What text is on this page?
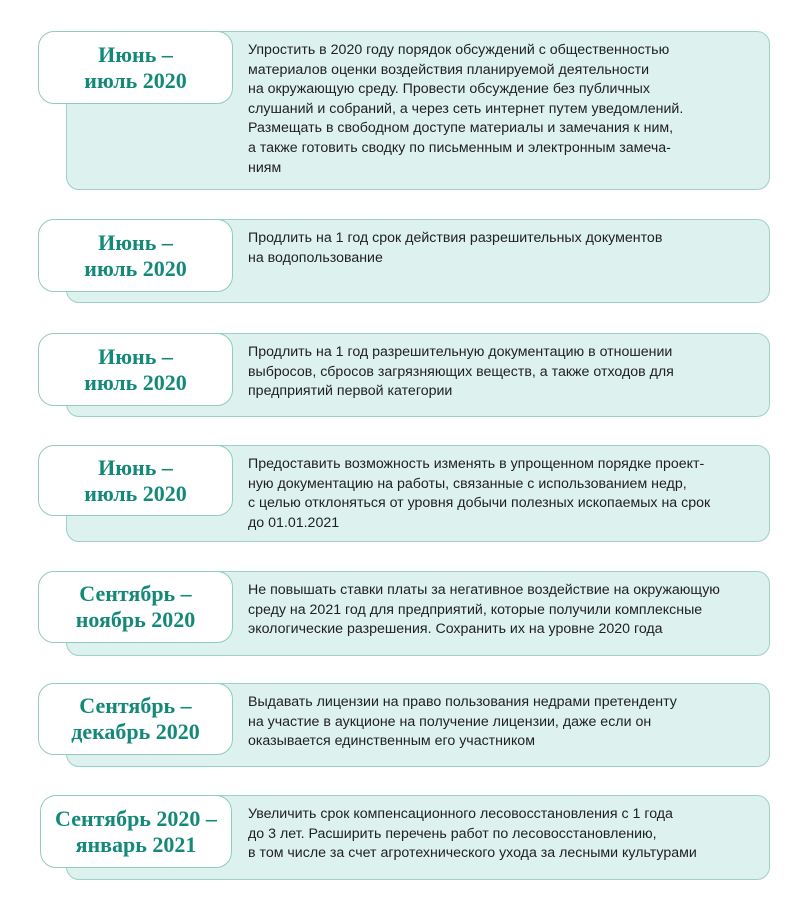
Упростить в 2020 году порядок обсуждений с общественностью
материалов оценки воздействия планируемой деятельности
на окружающую среду. Провести обсуждение без публичных
слушаний и собраний, а через сеть интернет путем уведомлений.
Размещать в свободном доступе материалы и замечания к ним,
а также готовить сводку по письменным и электронным замеча-
ниям
Июнь –
июль 2020
Продлить на 1 год срок действия разрешительных документов
на водопользование
Июнь –
июль 2020
Продлить на 1 год разрешительную документацию в отношении
выбросов, сбросов загрязняющих веществ, а также отходов для
предприятий первой категории
Июнь –
июль 2020
Предоставить возможность изменять в упрощенном порядке проект-
ную документацию на работы, связанные с использованием недр,
с целью отклоняться от уровня добычи полезных ископаемых на срок
до 01.01.2021
Июнь –
июль 2020
Не повышать ставки платы за негативное воздействие на окружающую
среду на 2021 год для предприятий, которые получили комплексные
экологические разрешения. Сохранить их на уровне 2020 года
Сентябрь –
ноябрь 2020
Выдавать лицензии на право пользования недрами претенденту
на участие в аукционе на получение лицензии, даже если он
оказывается единственным его участником
Сентябрь –
декабрь 2020
Увеличить срок компенсационного лесовосстановления с 1 года
до 3 лет. Расширить перечень работ по лесовосстановлению,
в том числе за счет агротехнического ухода за лесными культурами
Сентябрь 2020 –
январь 2021
